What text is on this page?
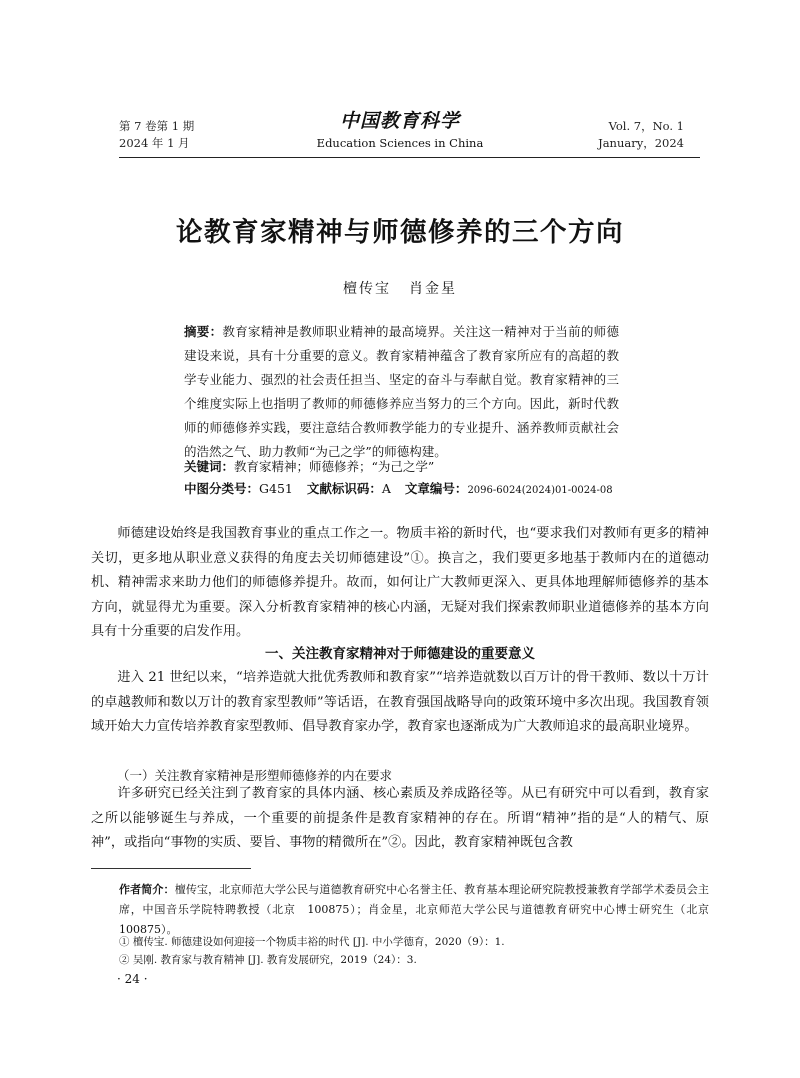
第 7 卷第 1 期
2024 年 1 月
中国教育科学
Education Sciences in China
Vol. 7，No. 1
January，2024
论教育家精神与师德修养的三个方向
檀传宝 肖金星
摘要：教育家精神是教师职业精神的最高境界。关注这一精神对于当前的师德建设来说，具有十分重要的意义。教育家精神蕴含了教育家所应有的高超的教学专业能力、强烈的社会责任担当、坚定的奋斗与奉献自觉。教育家精神的三个维度实际上也指明了教师的师德修养应当努力的三个方向。因此，新时代教师的师德修养实践，要注意结合教师教学能力的专业提升、涵养教师贡献社会的浩然之气、助力教师“为己之学”的师德构建。
关键词：教育家精神；师德修养；“为己之学”
中图分类号：G451 文献标识码：A 文章编号：2096-6024(2024)01-0024-08

师德建设始终是我国教育事业的重点工作之一。物质丰裕的新时代，也“要求我们对教师有更多的精神关切，更多地从职业意义获得的角度去关切师德建设”①。换言之，我们要更多地基于教师内在的道德动机、精神需求来助力他们的师德修养提升。故而，如何让广大教师更深入、更具体地理解师德修养的基本方向，就显得尤为重要。深入分析教育家精神的核心内涵，无疑对我们探索教师职业道德修养的基本方向具有十分重要的启发作用。

一、关注教育家精神对于师德建设的重要意义

进入 21 世纪以来，“培养造就大批优秀教师和教育家”“培养造就数以百万计的骨干教师、数以十万计的卓越教师和数以万计的教育家型教师”等话语，在教育强国战略导向的政策环境中多次出现。我国教育领域开始大力宣传培养教育家型教师、倡导教育家办学，教育家也逐渐成为广大教师追求的最高职业境界。

（一）关注教育家精神是形塑师德修养的内在要求

许多研究已经关注到了教育家的具体内涵、核心素质及养成路径等。从已有研究中可以看到，教育家之所以能够诞生与养成，一个重要的前提条件是教育家精神的存在。所谓“精神”指的是“人的精气、原神”，或指向“事物的实质、要旨、事物的精微所在”②。因此，教育家精神既包含教

作者简介：檀传宝，北京师范大学公民与道德教育研究中心名誉主任、教育基本理论研究院教授兼教育学部学术委员会主席，中国音乐学院特聘教授（北京　100875）；肖金星，北京师范大学公民与道德教育研究中心博士研究生（北京　100875）。

① 檀传宝. 师德建设如何迎接一个物质丰裕的时代 [J]. 中小学德育，2020（9）：1.
② 吴刚. 教育家与教育精神 [J]. 教育发展研究，2019（24）：3.
· 24 ·
